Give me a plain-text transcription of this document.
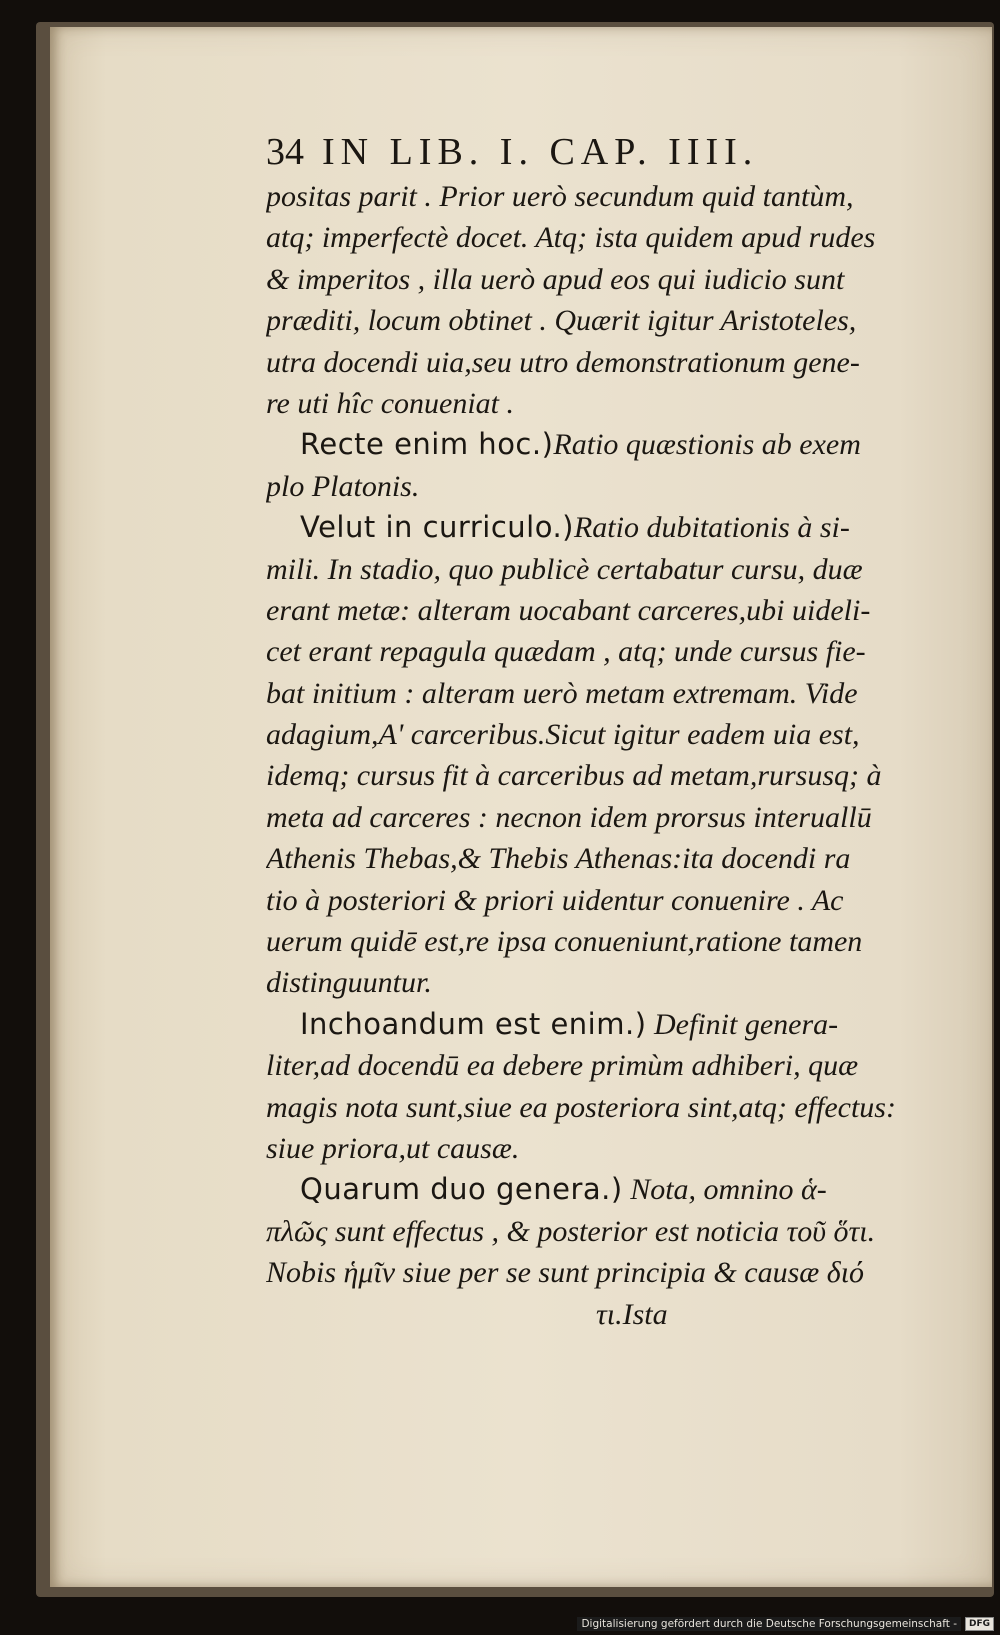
34 IN LIB. I. CAP. IIII.

positas parit . Prior uerò secundum quid tantùm,

atq; imperfectè docet. Atq; ista quidem apud rudes

& imperitos , illa uerò apud eos qui iudicio sunt

præditi, locum obtinet . Quærit igitur Aristoteles,

utra docendi uia,seu utro demonstrationum gene-

re uti hîc conueniat .

Recte enim hoc.)Ratio quæstionis ab exem

plo Platonis.

Velut in curriculo.)Ratio dubitationis à si-

mili. In stadio, quo publicè certabatur cursu, duæ

erant metæ: alteram uocabant carceres,ubi uideli-

cet erant repagula quædam , atq; unde cursus fie-

bat initium : alteram uerò metam extremam. Vide

adagium,A' carceribus.Sicut igitur eadem uia est,

idemq; cursus fit à carceribus ad metam,rursusq; à

meta ad carceres : necnon idem prorsus interuallū

Athenis Thebas,& Thebis Athenas:ita docendi ra

tio à posteriori & priori uidentur conuenire . Ac

uerum quidē est,re ipsa conueniunt,ratione tamen

distinguuntur.

Inchoandum est enim.) Definit genera-

liter,ad docendū ea debere primùm adhiberi, quæ

magis nota sunt,siue ea posteriora sint,atq; effectus:

siue priora,ut causæ.

Quarum duo genera.) Nota, omnino ἁ-

πλῶς sunt effectus , & posterior est noticia τοῦ ὅτι.

Nobis ἡμῖν siue per se sunt principia & causæ διό

τι.Ista

Digitalisierung gefördert durch die Deutsche Forschungsgemeinschaft -	DFG
